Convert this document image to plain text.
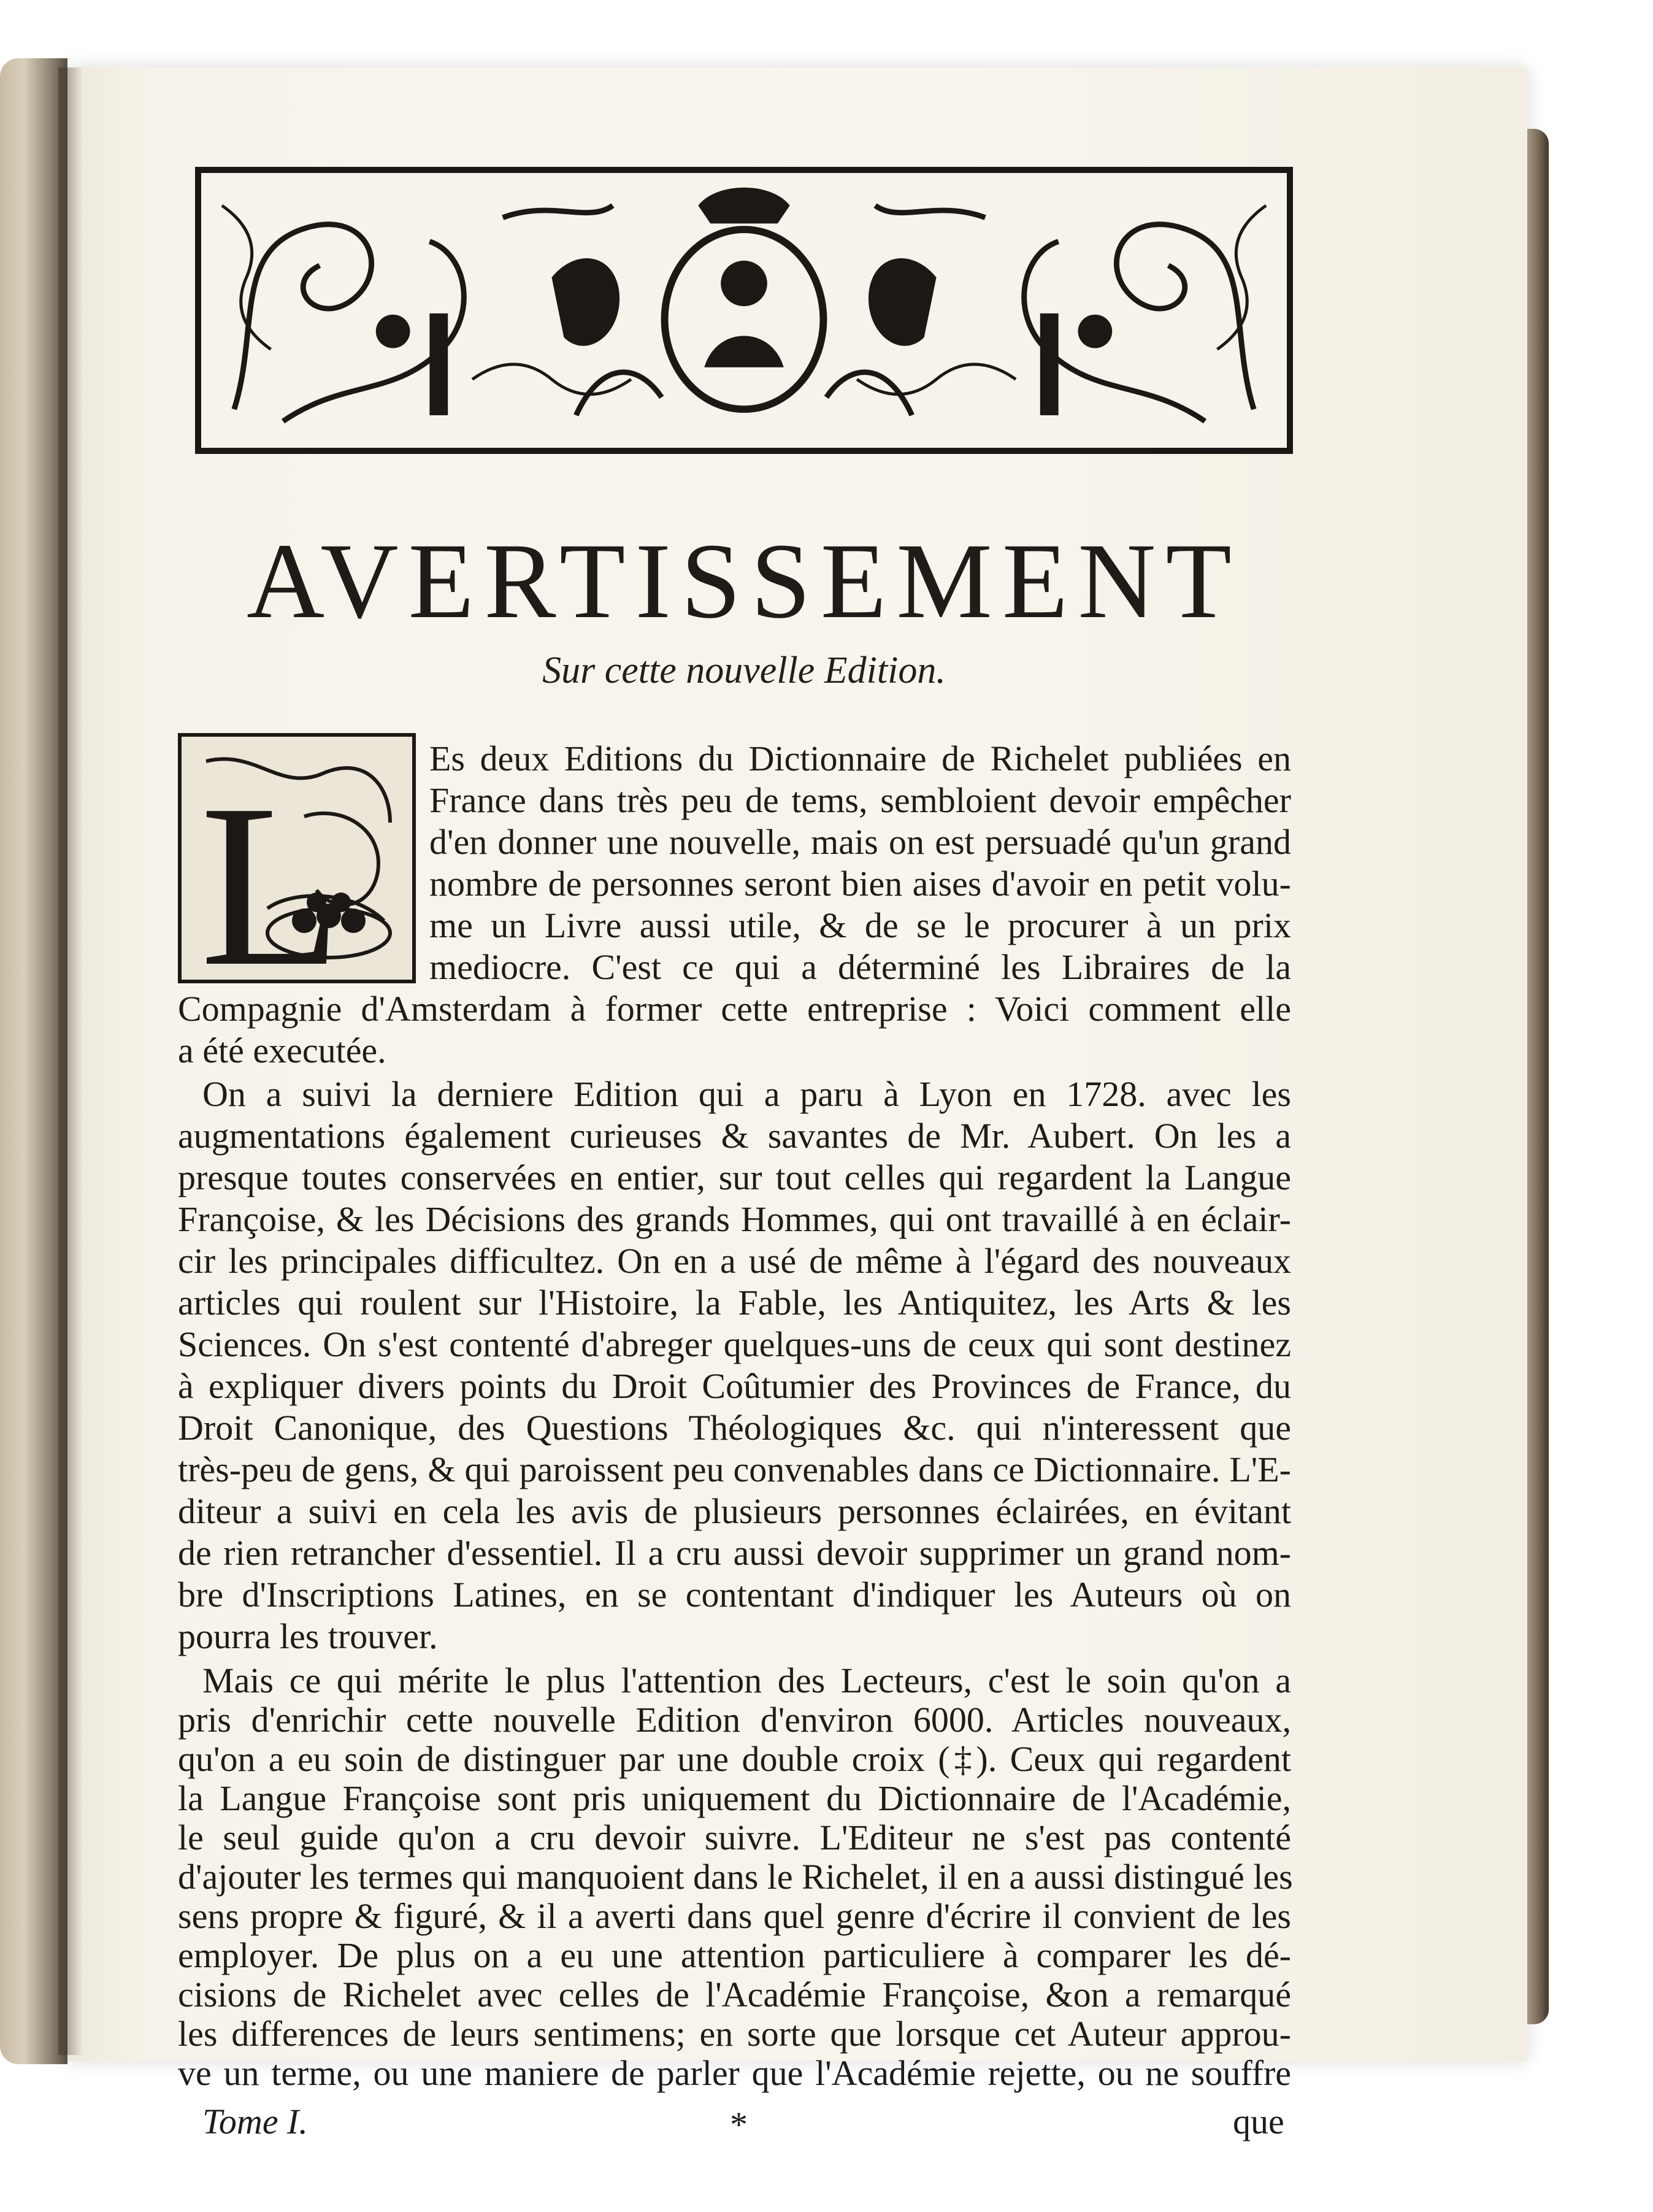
AVERTISSEMENT
Sur cette nouvelle Edition.
L Es deux Editions du Dictionnaire de Richelet publiées en

France dans très peu de tems, sembloient devoir empêcher

d'en donner une nouvelle, mais on est persuadé qu'un grand

nombre de personnes seront bien aises d'avoir en petit volu-

me un Livre aussi utile, & de se le procurer à un prix

mediocre. C'est ce qui a déterminé les Libraires de la

Compagnie d'Amsterdam à former cette entreprise : Voici comment elle

a été executée.

On a suivi la derniere Edition qui a paru à Lyon en 1728. avec les

augmentations également curieuses & savantes de Mr. Aubert. On les a

presque toutes conservées en entier, sur tout celles qui regardent la Langue

Françoise, & les Décisions des grands Hommes, qui ont travaillé à en éclair-

cir les principales difficultez. On en a usé de même à l'égard des nouveaux

articles qui roulent sur l'Histoire, la Fable, les Antiquitez, les Arts & les

Sciences. On s'est contenté d'abreger quelques-uns de ceux qui sont destinez

à expliquer divers points du Droit Coûtumier des Provinces de France, du

Droit Canonique, des Questions Théologiques &c. qui n'interessent que

très-peu de gens, & qui paroissent peu convenables dans ce Dictionnaire. L'E-

diteur a suivi en cela les avis de plusieurs personnes éclairées, en évitant

de rien retrancher d'essentiel. Il a cru aussi devoir supprimer un grand nom-

bre d'Inscriptions Latines, en se contentant d'indiquer les Auteurs où on

pourra les trouver.

Mais ce qui mérite le plus l'attention des Lecteurs, c'est le soin qu'on a

pris d'enrichir cette nouvelle Edition d'environ 6000. Articles nouveaux,

qu'on a eu soin de distinguer par une double croix (‡). Ceux qui regardent

la Langue Françoise sont pris uniquement du Dictionnaire de l'Académie,

le seul guide qu'on a cru devoir suivre. L'Editeur ne s'est pas contenté

d'ajouter les termes qui manquoient dans le Richelet, il en a aussi distingué les

sens propre & figuré, & il a averti dans quel genre d'écrire il convient de les

employer. De plus on a eu une attention particuliere à comparer les dé-

cisions de Richelet avec celles de l'Académie Françoise, &on a remarqué

les differences de leurs sentimens; en sorte que lorsque cet Auteur approu-

ve un terme, ou une maniere de parler que l'Académie rejette, ou ne souffre

Tome I.	*	que
